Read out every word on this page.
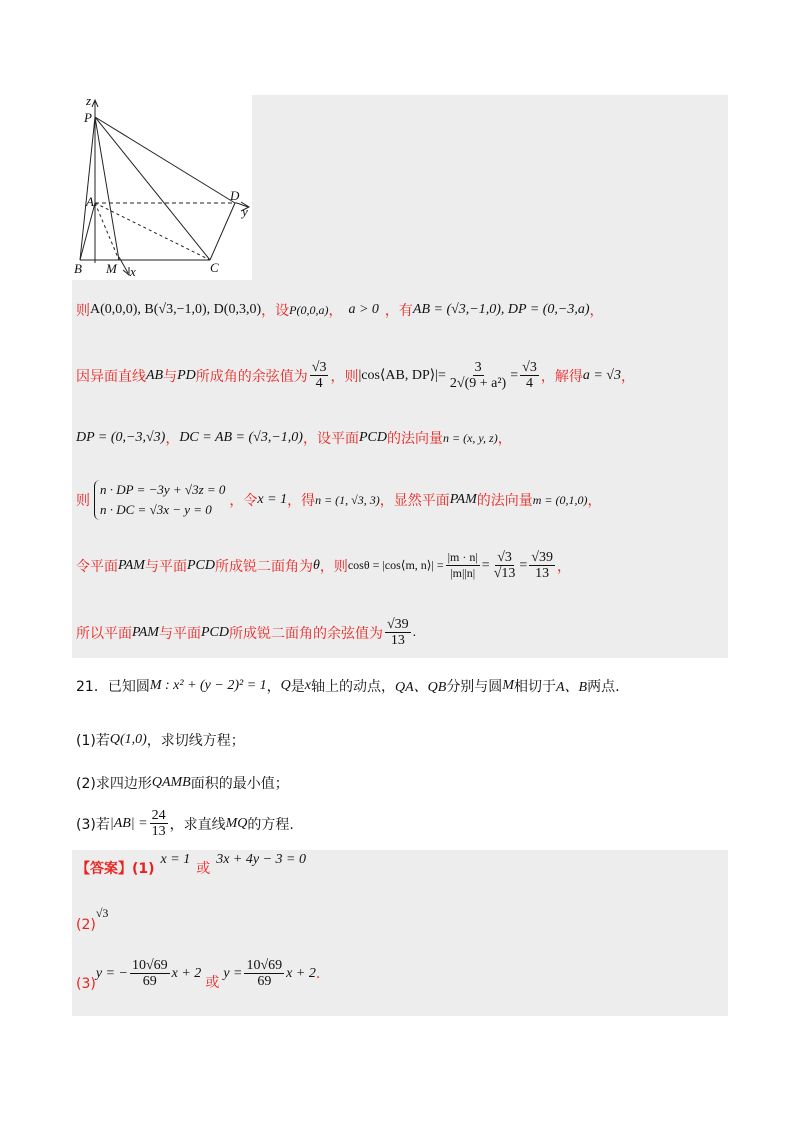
z
P
A	D
y
B M x	C
则 A(0,0,0), B(√3,−1,0), D(0,3,0) ，设 P(0,0,a) ， a > 0 ，有 AB = (√3,−1,0), DP = (0,−3,a) ，
因异面直线 AB 与 PD 所成角的余弦值为 $\frac{√3}{4}$ ，则 |cos⟨AB, DP⟩|= $\frac{3}{\text{2√(9 + a²)}} = \frac{√3}{4}$ ，解得 a = √3 ，
DP = (0,−3,√3) ， DC = AB = (√3,−1,0) ，设平面 PCD 的法向量 n = (x, y, z) ，
则
n · DP = −3y + √3z = 0
n · DC = √3x − y = 0
，令 x = 1 ，得 n = (1, √3, 3) ，显然平面 PAM 的法向量 m = (0,1,0) ，
令平面 PAM 与平面 PCD 所成锐二面角为 θ ，则 cosθ = |cos⟨m, n⟩| = $\frac{|m \cdot n|}{|m||n|} = \frac{√3}{√13} = \frac{√39}{13}$ ，
所以平面 PAM 与平面 PCD 所成锐二面角的余弦值为 $\frac{√39}{13}$ .
21．已知圆 M : x² + (y − 2)² = 1 ， Q 是 x 轴上的动点， QA、QB 分别与圆 M 相切于 A、B 两点.
(1)若 Q(1,0) ，求切线方程；
(2)求四边形 QAMB 面积的最小值；
(3)若 $|AB| = \frac{24}{13}$ ，求直线 MQ 的方程.
【答案】(1)
x = 1
或
3x + 4y − 3 = 0
(2)
√3
(3)
y = − $\frac{10√69}{69}$ x + 2
或
$y = \frac{10√69}{69}$ x + 2 .
